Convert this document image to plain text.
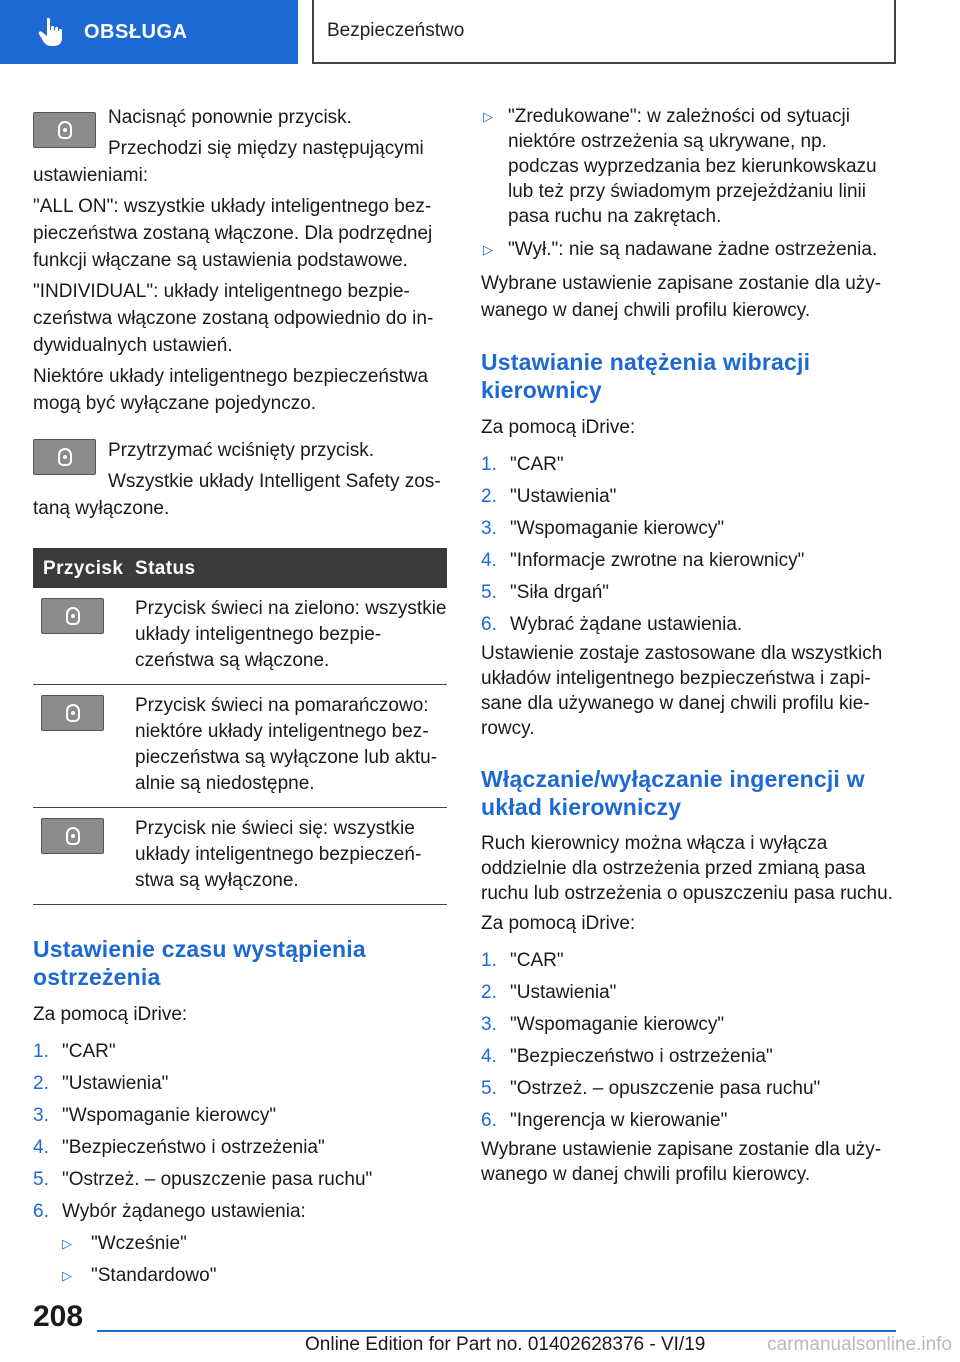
OBSŁUGA	Bezpieczeństwo

Nacisnąć ponownie przycisk.

Przechodzi się między następującymi ustawieniami:

"ALL ON": wszystkie układy inteligentnego bezpieczeństwa zostaną włączone. Dla podrzędnej funkcji włączane są ustawienia podstawowe.

"INDIVIDUAL": układy inteligentnego bezpieczeństwa włączone zostaną odpowiednio do indywidualnych ustawień.

Niektóre układy inteligentnego bezpieczeństwa mogą być wyłączane pojedynczo.

Przytrzymać wciśnięty przycisk.

Wszystkie układy Intelligent Safety zostaną wyłączone.

Przycisk	Status

	Przycisk świeci na zielono: wszystkie układy inteligentnego bezpieczeństwa są włączone.

	Przycisk świeci na pomarańczowo: niektóre układy inteligentnego bezpieczeństwa są wyłączone lub aktualnie są niedostępne.

	Przycisk nie świeci się: wszystkie układy inteligentnego bezpieczeństwa są wyłączone.
Ustawienie czasu wystąpienia ostrzeżenia

Za pomocą iDrive:

1. "CAR"
2. "Ustawienia"
3. "Wspomaganie kierowcy"
4. "Bezpieczeństwo i ostrzeżenia"
5. "Ostrzeż. – opuszczenie pasa ruchu"
6. Wybór żądanego ustawienia:
▷	"Wcześnie"
▷	"Standardowo"
▷ "Zredukowane": w zależności od sytuacji niektóre ostrzeżenia są ukrywane, np. podczas wyprzedzania bez kierunkowskazu lub też przy świadomym przejeżdżaniu linii pasa ruchu na zakrętach.
▷ "Wył.": nie są nadawane żadne ostrzeżenia.

Wybrane ustawienie zapisane zostanie dla używanego w danej chwili profilu kierowcy.

Ustawianie natężenia wibracji kierownicy

Za pomocą iDrive:

1. "CAR"
2. "Ustawienia"
3. "Wspomaganie kierowcy"
4. "Informacje zwrotne na kierownicy"
5. "Siła drgań"
6. Wybrać żądane ustawienia.

Ustawienie zostaje zastosowane dla wszystkich układów inteligentnego bezpieczeństwa i zapisane dla używanego w danej chwili profilu kierowcy.

Włączanie/wyłączanie ingerencji w układ kierowniczy

Ruch kierownicy można włącza i wyłącza oddzielnie dla ostrzeżenia przed zmianą pasa ruchu lub ostrzeżenia o opuszczeniu pasa ruchu.

Za pomocą iDrive:

1. "CAR"
2. "Ustawienia"
3. "Wspomaganie kierowcy"
4. "Bezpieczeństwo i ostrzeżenia"
5. "Ostrzeż. – opuszczenie pasa ruchu"
6. "Ingerencja w kierowanie"

Wybrane ustawienie zapisane zostanie dla używanego w danej chwili profilu kierowcy.

208
Online Edition for Part no. 01402628376 - VI/19	carmanualsonline.info
